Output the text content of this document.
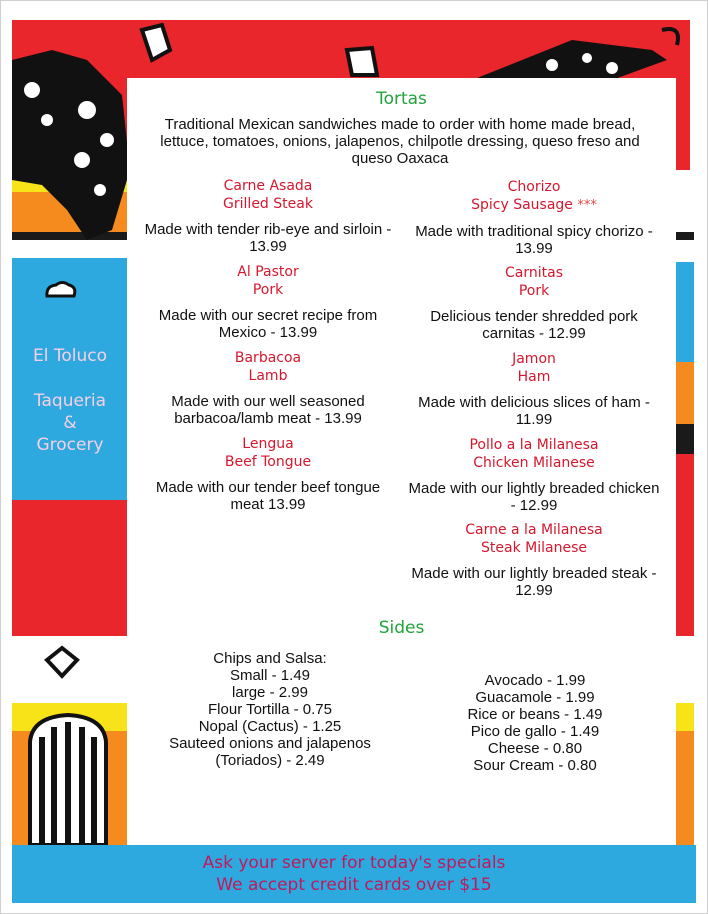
El Toluco
Taqueria
&
Grocery
Tortas
Traditional Mexican sandwiches made to order with home made bread, lettuce, tomatoes, onions, jalapenos, chilpotle dressing, queso freso and queso Oaxaca
Carne Asada
Grilled Steak
Made with tender rib-eye and sirloin - 13.99
Al Pastor
Pork
Made with our secret recipe from Mexico - 13.99
Barbacoa
Lamb
Made with our well seasoned barbacoa/lamb meat - 13.99
Lengua
Beef Tongue
Made with our tender beef tongue meat 13.99
Chorizo
Spicy Sausage ***
Made with traditional spicy chorizo - 13.99
Carnitas
Pork
Delicious tender shredded pork carnitas - 12.99
Jamon
Ham
Made with delicious slices of ham - 11.99
Pollo a la Milanesa
Chicken Milanese
Made with our lightly breaded chicken - 12.99
Carne a la Milanesa
Steak Milanese
Made with our lightly breaded steak - 12.99
Sides
Chips and Salsa:
Small - 1.49
large - 2.99
Flour Tortilla - 0.75
Nopal (Cactus) - 1.25
Sauteed onions and jalapenos
(Toriados) - 2.49
Avocado - 1.99
Guacamole - 1.99
Rice or beans - 1.49
Pico de gallo - 1.49
Cheese - 0.80
Sour Cream - 0.80
Ask your server for today's specials
We accept credit cards over $15
